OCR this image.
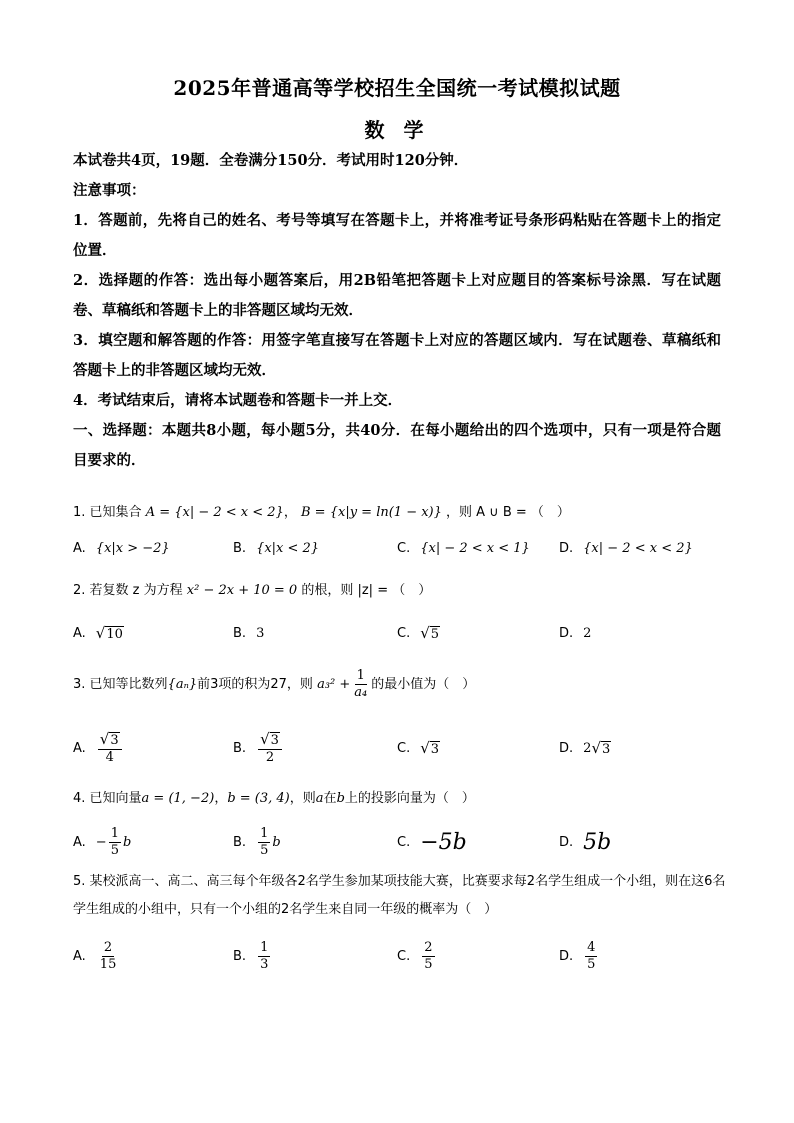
2025年普通高等学校招生全国统一考试模拟试题
数 学
本试卷共4页，19题．全卷满分150分．考试用时120分钟．
注意事项：
1．答题前，先将自己的姓名、考号等填写在答题卡上，并将准考证号条形码粘贴在答题卡上的指定位置．
2．选择题的作答：选出每小题答案后，用2B铅笔把答题卡上对应题目的答案标号涂黑．写在试题卷、草稿纸和答题卡上的非答题区域均无效．
3．填空题和解答题的作答：用签字笔直接写在答题卡上对应的答题区域内．写在试题卷、草稿纸和答题卡上的非答题区域均无效．
4．考试结束后，请将本试题卷和答题卡一并上交．
一、选择题：本题共8小题，每小题5分，共40分．在每小题给出的四个选项中，只有一项是符合题目要求的．
1. 已知集合 A = {x| − 2 < x < 2}， B = {x|y = ln(1 − x)} ，则 A ∪ B = （　）
A. {x|x > −2}	B. {x|x < 2}	C. {x| − 2 < x < 1} D. {x| − 2 < x < 2}
2. 若复数 z 为方程 x² − 2x + 10 = 0 的根，则 |z| = （　）
A. √10	B. 3	C. √5	D. 2
3. 已知等比数列{aₙ}前3项的积为27，则 $a_3^2 + \frac{1}{\text{a₄}}$ 的最小值为（　）
A. $\frac{√3}{4}$	B. $\frac{√3}{2}$	C. √3	D. 2 √3
4. 已知向量a = (1, −2)，b = (3, 4)，则a在b上的投影向量为（　）
A. − $\frac{1}{5}$ b	B. $\frac{1}{5}$ b	C. −5b	D. 5b
5. 某校派高一、高二、高三每个年级各2名学生参加某项技能大赛，比赛要求每2名学生组成一个小组，则在这6名学生组成的小组中，只有一个小组的2名学生来自同一年级的概率为（　）
A. $\frac{2}{15}$	B. $\frac{1}{3}$	C. $\frac{2}{5}$	D. $\frac{4}{5}$
